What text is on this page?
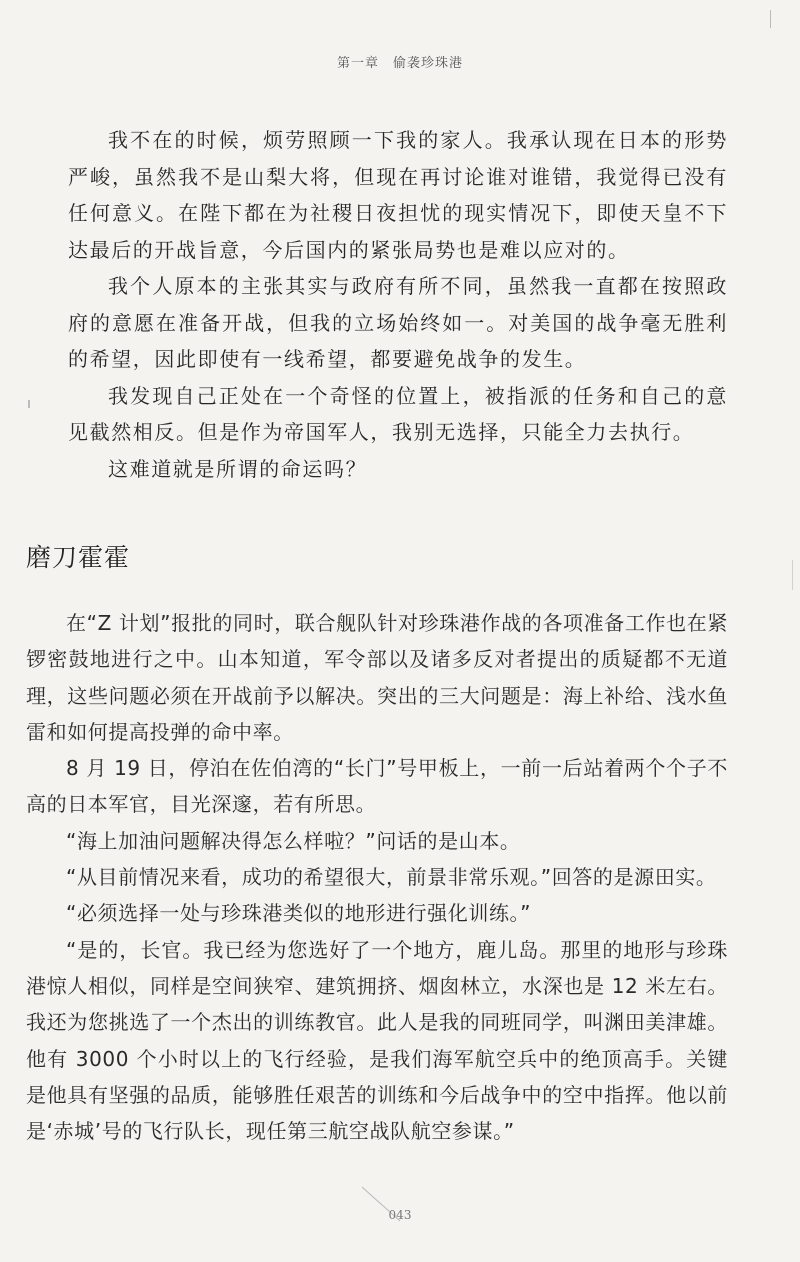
第一章　偷袭珍珠港

我不在的时候，烦劳照顾一下我的家人。我承认现在日本的形势严峻，虽然我不是山梨大将，但现在再讨论谁对谁错，我觉得已没有任何意义。在陛下都在为社稷日夜担忧的现实情况下，即使天皇不下达最后的开战旨意，今后国内的紧张局势也是难以应对的。

我个人原本的主张其实与政府有所不同，虽然我一直都在按照政府的意愿在准备开战，但我的立场始终如一。对美国的战争毫无胜利的希望，因此即使有一线希望，都要避免战争的发生。

我发现自己正处在一个奇怪的位置上，被指派的任务和自己的意见截然相反。但是作为帝国军人，我别无选择，只能全力去执行。

这难道就是所谓的命运吗？

磨刀霍霍

在“Z 计划”报批的同时，联合舰队针对珍珠港作战的各项准备工作也在紧锣密鼓地进行之中。山本知道，军令部以及诸多反对者提出的质疑都不无道理，这些问题必须在开战前予以解决。突出的三大问题是：海上补给、浅水鱼雷和如何提高投弹的命中率。

8 月 19 日，停泊在佐伯湾的“长门”号甲板上，一前一后站着两个个子不高的日本军官，目光深邃，若有所思。

“海上加油问题解决得怎么样啦？”问话的是山本。

“从目前情况来看，成功的希望很大，前景非常乐观。”回答的是源田实。

“必须选择一处与珍珠港类似的地形进行强化训练。”

“是的，长官。我已经为您选好了一个地方，鹿儿岛。那里的地形与珍珠港惊人相似，同样是空间狭窄、建筑拥挤、烟囱林立，水深也是 12 米左右。我还为您挑选了一个杰出的训练教官。此人是我的同班同学，叫渊田美津雄。他有 3000 个小时以上的飞行经验，是我们海军航空兵中的绝顶高手。关键是他具有坚强的品质，能够胜任艰苦的训练和今后战争中的空中指挥。他以前是‘赤城’号的飞行队长，现任第三航空战队航空参谋。”

043
